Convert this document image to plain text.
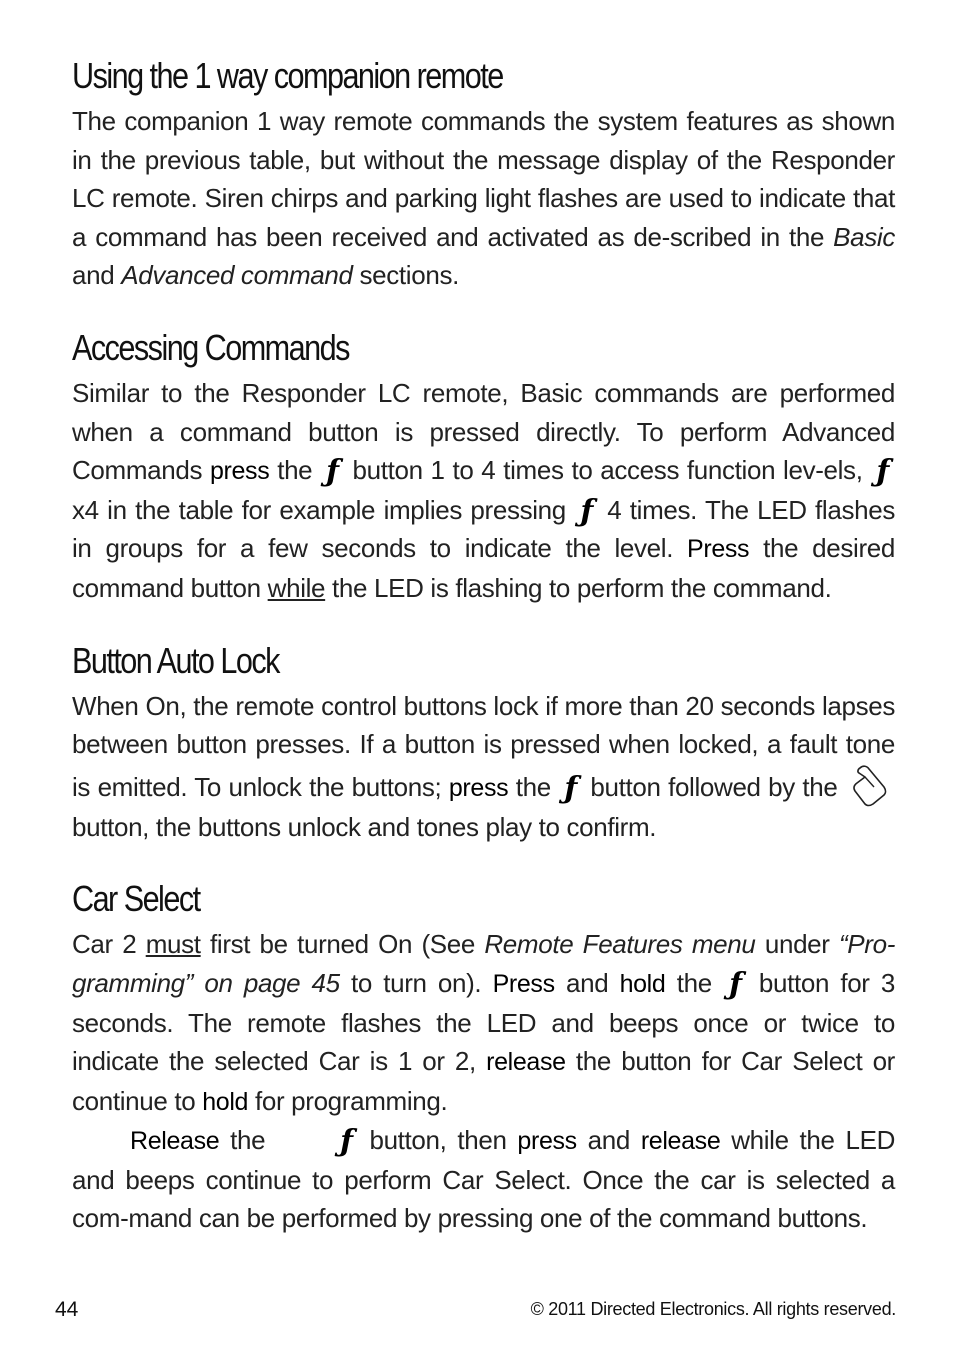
Using the 1 way companion remote

The companion 1 way remote commands the system features as shown in the previous table, but without the message display of the Responder LC remote. Siren chirps and parking light flashes are used to indicate that a command has been received and activated as de-scribed in the Basic and Advanced command sections.

Accessing Commands

Similar to the Responder LC remote, Basic commands are performed when a command button is pressed directly. To perform Advanced Commands press the ƒ button 1 to 4 times to access function lev-els, ƒ x4 in the table for example implies pressing ƒ 4 times. The LED flashes in groups for a few seconds to indicate the level. Press the desired command button while the LED is flashing to perform the command.

Button Auto Lock

When On, the remote control buttons lock if more than 20 seconds lapses between button presses. If a button is pressed when locked, a fault tone is emitted. To unlock the buttons; press the ƒ button followed by the  button, the buttons unlock and tones play to confirm.

Car Select

Car 2 must first be turned On (See Remote Features menu under “Pro-gramming” on page 45 to turn on). Press and hold the ƒ button for 3 seconds. The remote flashes the LED and beeps once or twice to indicate the selected Car is 1 or 2, release the button for Car Select or continue to hold for programming.

Release the ƒ button, then press and release while the LED and beeps continue to perform Car Select. Once the car is selected a com-mand can be performed by pressing one of the command buttons.

44	© 2011 Directed Electronics. All rights reserved.
